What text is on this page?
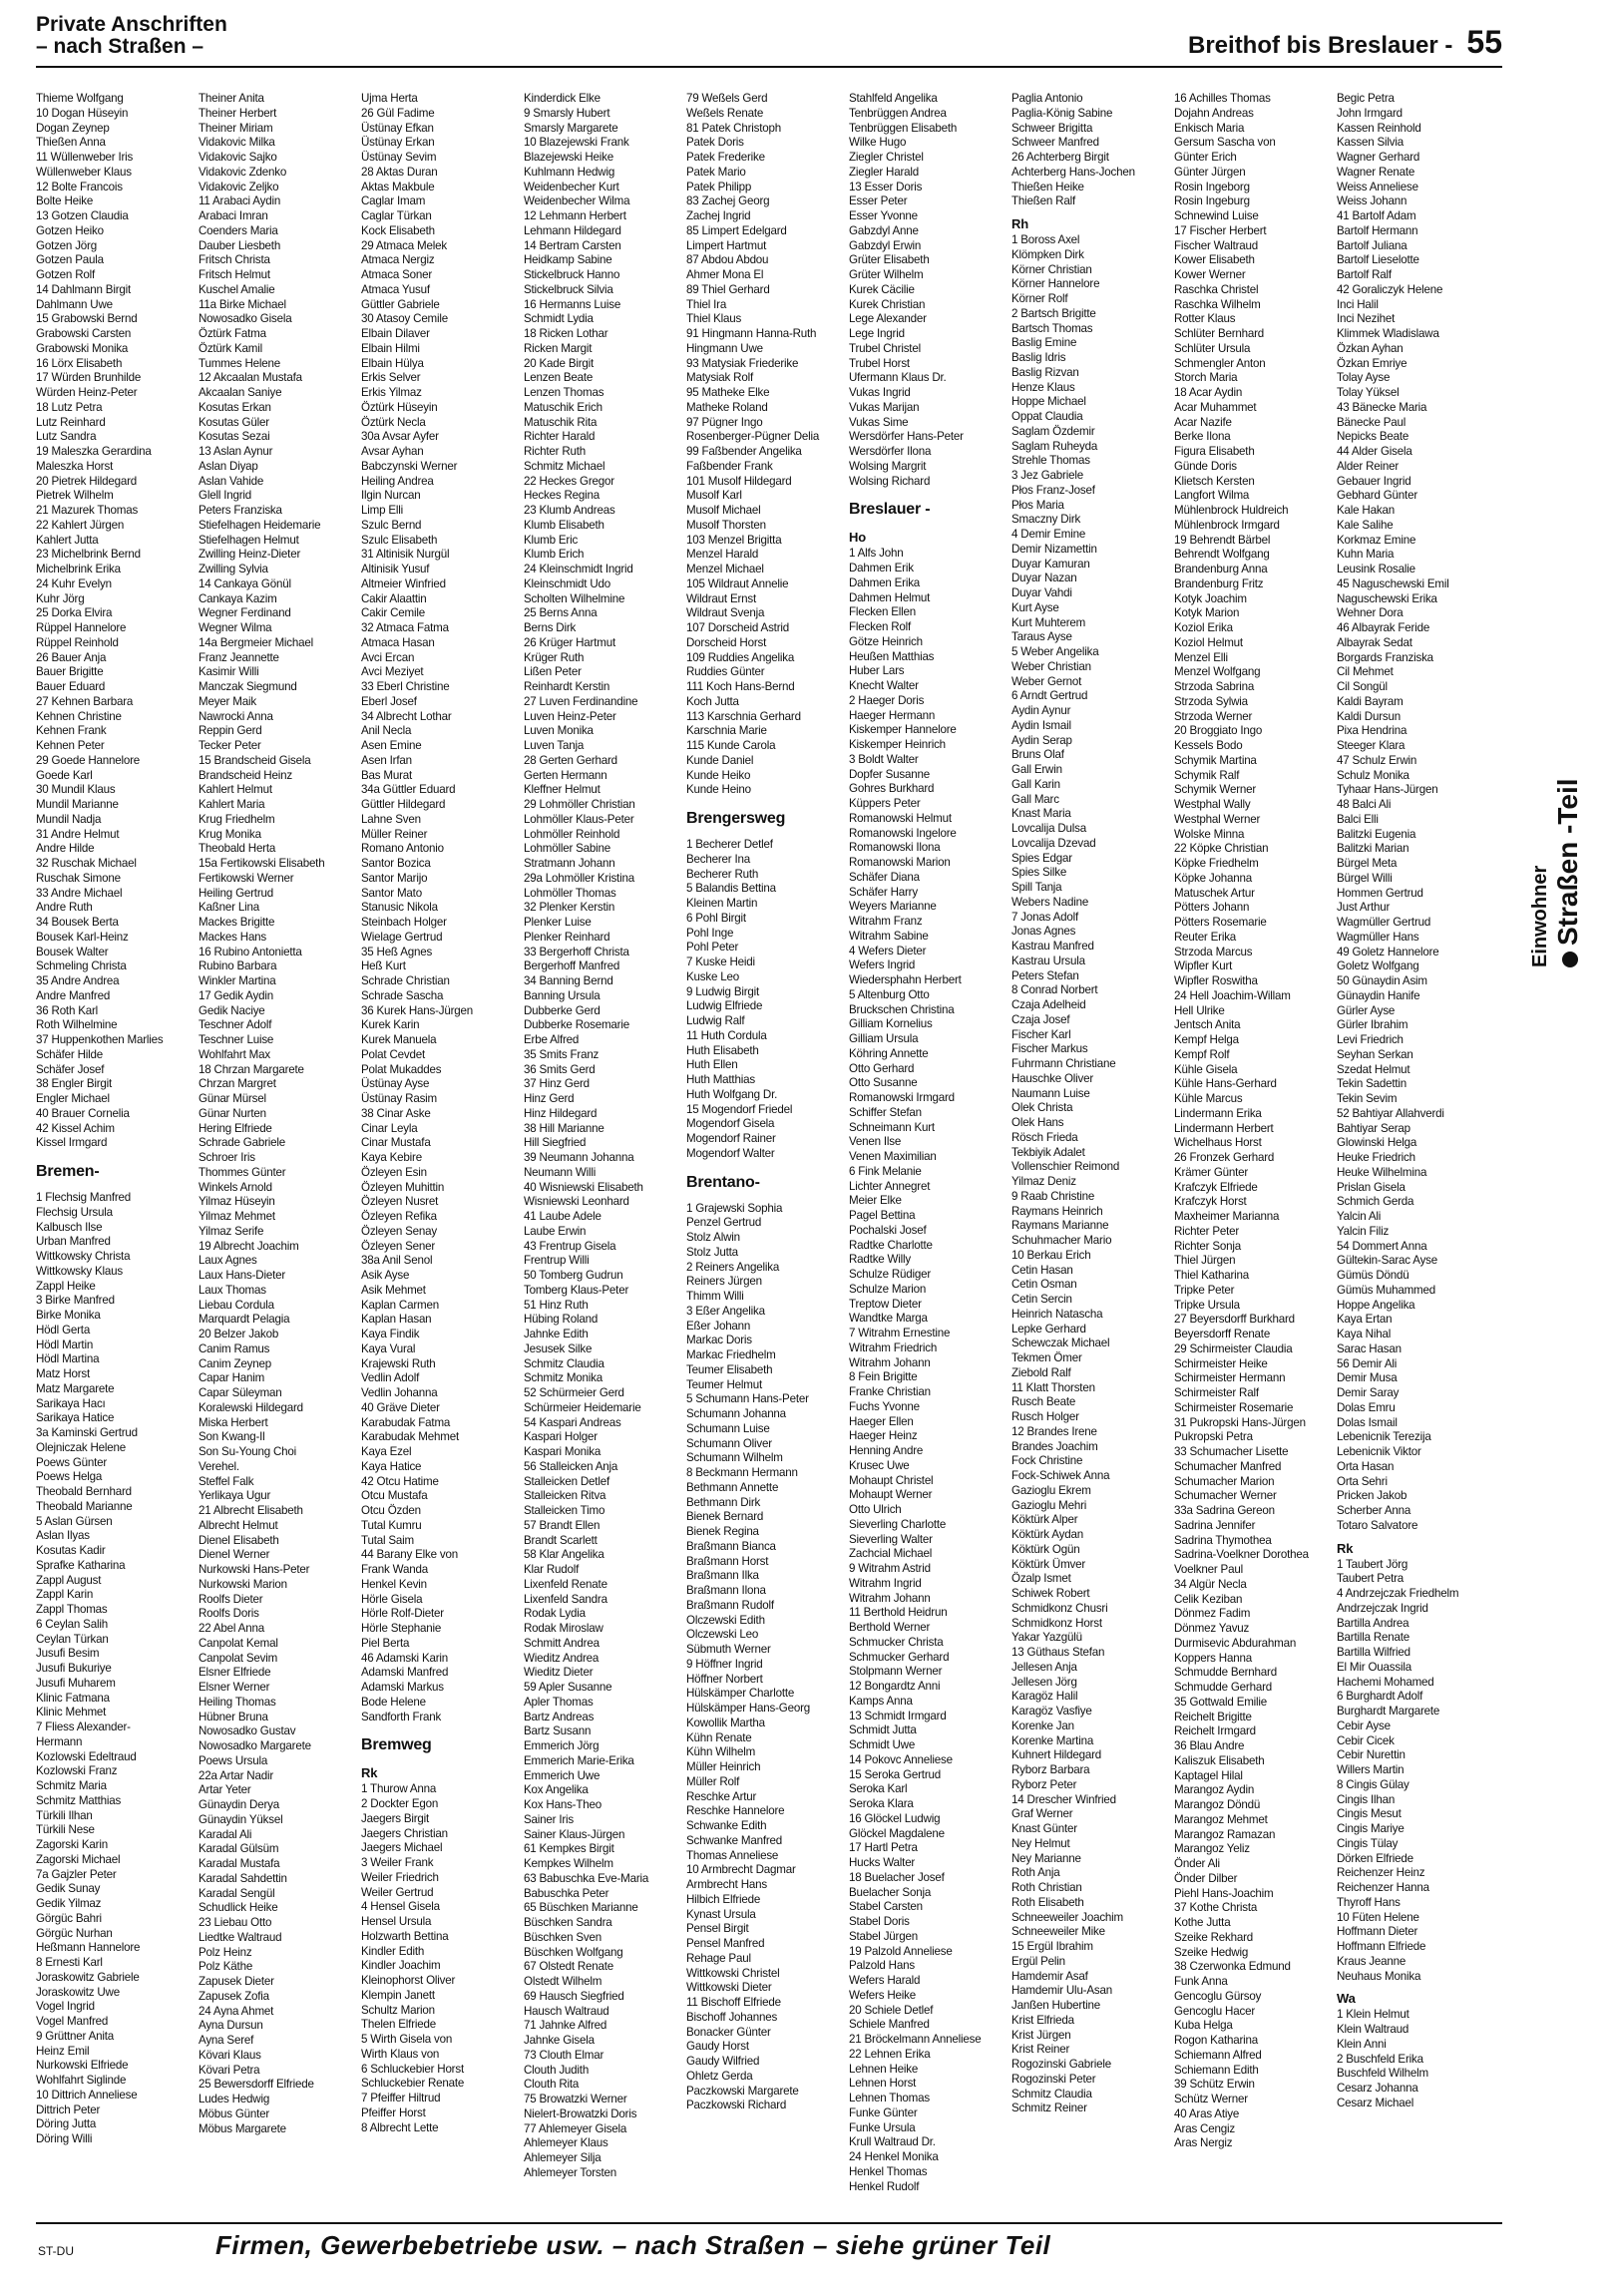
Private Anschriften
– nach Straßen –	Breithof bis Breslauer - 55
Thieme Wolfgang
10 Dogan Hüseyin
Dogan Zeynep
Thießen Anna
11 Wüllenweber Iris
Wüllenweber Klaus
12 Bolte Francois
Bolte Heike
13 Gotzen Claudia
Gotzen Heiko
Gotzen Jörg
Gotzen Paula
Gotzen Rolf
14 Dahlmann Birgit
Dahlmann Uwe
15 Grabowski Bernd
Grabowski Carsten
Grabowski Monika
16 Lörx Elisabeth
17 Würden Brunhilde
Würden Heinz-Peter
18 Lutz Petra
Lutz Reinhard
Lutz Sandra
19 Maleszka Gerardina
Maleszka Horst
20 Pietrek Hildegard
Pietrek Wilhelm
21 Mazurek Thomas
22 Kahlert Jürgen
Kahlert Jutta
23 Michelbrink Bernd
Michelbrink Erika
24 Kuhr Evelyn
Kuhr Jörg
25 Dorka Elvira
Rüppel Hannelore
Rüppel Reinhold
26 Bauer Anja
Bauer Brigitte
Bauer Eduard
27 Kehnen Barbara
Kehnen Christine
Kehnen Frank
Kehnen Peter
29 Goede Hannelore
Goede Karl
30 Mundil Klaus
Mundil Marianne
Mundil Nadja
31 Andre Helmut
Andre Hilde
32 Ruschak Michael
Ruschak Simone
33 Andre Michael
Andre Ruth
34 Bousek Berta
Bousek Karl-Heinz
Bousek Walter
Schmeling Christa
35 Andre Andrea
Andre Manfred
36 Roth Karl
Roth Wilhelmine
37 Huppenkothen Marlies
Schäfer Hilde
Schäfer Josef
38 Engler Birgit
Engler Michael
40 Brauer Cornelia
42 Kissel Achim
Kissel Irmgard
Bremen-
1 Flechsig Manfred
Flechsig Ursula
Kalbusch Ilse
Urban Manfred
Wittkowsky Christa
Wittkowsky Klaus
Zappl Heike
3 Birke Manfred
Birke Monika
Hödl Gerta
Hödl Martin
Hödl Martina
Matz Horst
Matz Margarete
Sarikaya Hacı
Sarikaya Hatice
3a Kaminski Gertrud
Olejniczak Helene
Poews Günter
Poews Helga
Theobald Bernhard
Theobald Marianne
5 Aslan Gürsen
Aslan Ilyas
Kosutas Kadir
Sprafke Katharina
Zappl August
Zappl Karin
Zappl Thomas
6 Ceylan Salih
Ceylan Türkan
Jusufi Besim
Jusufi Bukuriye
Jusufi Muharem
Klinic Fatmana
Klinic Mehmet
7 Fliess Alexander-
Hermann
Kozlowski Edeltraud
Kozlowski Franz
Schmitz Maria
Schmitz Matthias
Türkili Ilhan
Türkili Nese
Zagorski Karin
Zagorski Michael
7a Gajzler Peter
Gedik Sunay
Gedik Yilmaz
Görgüc Bahri
Görgüc Nurhan
Heßmann Hannelore
8 Ernesti Karl
Joraskowitz Gabriele
Joraskowitz Uwe
Vogel Ingrid
Vogel Manfred
9 Grüttner Anita
Heinz Emil
Nurkowski Elfriede
Wohlfahrt Siglinde
10 Dittrich Anneliese
Dittrich Peter
Döring Jutta
Döring Willi
Theiner Anita
Theiner Herbert
Theiner Miriam
Vidakovic Milka
Vidakovic Sajko
Vidakovic Zdenko
Vidakovic Zeljko
11 Arabaci Aydin
Arabaci Imran
Coenders Maria
Dauber Liesbeth
Fritsch Christa
Fritsch Helmut
Kuschel Amalie
11a Birke Michael
Nowosadko Gisela
Öztürk Fatma
Öztürk Kamil
Tummes Helene
12 Akcaalan Mustafa
Akcaalan Saniye
Kosutas Erkan
Kosutas Güler
Kosutas Sezai
13 Aslan Aynur
Aslan Diyap
Aslan Vahide
Glell Ingrid
Peters Franziska
Stiefelhagen Heidemarie
Stiefelhagen Helmut
Zwilling Heinz-Dieter
Zwilling Sylvia
14 Cankaya Gönül
Cankaya Kazim
Wegner Ferdinand
Wegner Wilma
14a Bergmeier Michael
Franz Jeannette
Kasimir Willi
Manczak Siegmund
Meyer Maik
Nawrocki Anna
Reppin Gerd
Tecker Peter
15 Brandscheid Gisela
Brandscheid Heinz
Kahlert Helmut
Kahlert Maria
Krug Friedhelm
Krug Monika
Theobald Herta
15a Fertikowski Elisabeth
Fertikowski Werner
Heiling Gertrud
Kaßner Lina
Mackes Brigitte
Mackes Hans
16 Rubino Antonietta
Rubino Barbara
Winkler Martina
17 Gedik Aydin
Gedik Naciye
Teschner Adolf
Teschner Luise
Wohlfahrt Max
18 Chrzan Margarete
Chrzan Margret
Günar Mürsel
Günar Nurten
Hering Elfriede
Schrade Gabriele
Schroer Iris
Thommes Günter
Winkels Arnold
Yilmaz Hüseyin
Yilmaz Mehmet
Yilmaz Serife
19 Albrecht Joachim
Laux Agnes
Laux Hans-Dieter
Laux Thomas
Liebau Cordula
Marquardt Pelagia
20 Belzer Jakob
Canim Ramus
Canim Zeynep
Capar Hanim
Capar Süleyman
Koralewski Hildegard
Miska Herbert
Son Kwang-Il
Son Su-Young Choi
Verehel.
Steffel Falk
Yerlikaya Ugur
21 Albrecht Elisabeth
Albrecht Helmut
Dienel Elisabeth
Dienel Werner
Nurkowski Hans-Peter
Nurkowski Marion
Roolfs Dieter
Roolfs Doris
22 Abel Anna
Canpolat Kemal
Canpolat Sevim
Elsner Elfriede
Elsner Werner
Heiling Thomas
Hübner Bruna
Nowosadko Gustav
Nowosadko Margarete
Poews Ursula
22a Artar Nadir
Artar Yeter
Günaydin Derya
Günaydin Yüksel
Karadal Ali
Karadal Gülsüm
Karadal Mustafa
Karadal Sahdettin
Karadal Sengül
Schudlick Heike
23 Liebau Otto
Liedtke Waltraud
Polz Heinz
Polz Käthe
Zapusek Dieter
Zapusek Zofia
24 Ayna Ahmet
Ayna Dursun
Ayna Seref
Kövari Klaus
Kövari Petra
25 Bewersdorff Elfriede
Ludes Hedwig
Möbus Günter
Möbus Margarete
Ujma Herta
26 Gül Fadime
Üstünay Efkan
Üstünay Erkan
Üstünay Sevim
28 Aktas Duran
Aktas Makbule
Caglar Imam
Caglar Türkan
Kock Elisabeth
29 Atmaca Melek
Atmaca Nergiz
Atmaca Soner
Atmaca Yusuf
Güttler Gabriele
30 Atasoy Cemile
Elbain Dilaver
Elbain Hilmi
Elbain Hülya
Erkis Selver
Erkis Yilmaz
Öztürk Hüseyin
Öztürk Necla
30a Avsar Ayfer
Avsar Ayhan
Babczynski Werner
Heiling Andrea
Ilgin Nurcan
Limp Elli
Szulc Bernd
Szulc Elisabeth
31 Altinisik Nurgül
Altinisik Yusuf
Altmeier Winfried
Cakir Alaattin
Cakir Cemile
32 Atmaca Fatma
Atmaca Hasan
Avci Ercan
Avci Meziyet
33 Eberl Christine
Eberl Josef
34 Albrecht Lothar
Anil Necla
Asen Emine
Asen Irfan
Bas Murat
34a Güttler Eduard
Güttler Hildegard
Lahne Sven
Müller Reiner
Romano Antonio
Santor Bozica
Santor Marijo
Santor Mato
Stanusic Nikola
Steinbach Holger
Wielage Gertrud
35 Heß Agnes
Heß Kurt
Schrade Christian
Schrade Sascha
36 Kurek Hans-Jürgen
Kurek Karin
Kurek Manuela
Polat Cevdet
Polat Mukaddes
Üstünay Ayse
Üstünay Rasim
38 Cinar Aske
Cinar Leyla
Cinar Mustafa
Kaya Kebire
Özleyen Esin
Özleyen Muhittin
Özleyen Nusret
Özleyen Refika
Özleyen Senay
Özleyen Sener
38a Anil Senol
Asik Ayse
Asik Mehmet
Kaplan Carmen
Kaplan Hasan
Kaya Findik
Kaya Vural
Krajewski Ruth
Vedlin Adolf
Vedlin Johanna
40 Gräve Dieter
Karabudak Fatma
Karabudak Mehmet
Kaya Ezel
Kaya Hatice
42 Otcu Hatime
Otcu Mustafa
Otcu Özden
Tutal Kumru
Tutal Saim
44 Barany Elke von
Frank Wanda
Henkel Kevin
Hörle Gisela
Hörle Rolf-Dieter
Hörle Stephanie
Piel Berta
46 Adamski Karin
Adamski Manfred
Adamski Markus
Bode Helene
Sandforth Frank
Bremweg
Rk
1 Thurow Anna
2 Dockter Egon
Jaegers Birgit
Jaegers Christian
Jaegers Michael
3 Weiler Frank
Weiler Friedrich
Weiler Gertrud
4 Hensel Gisela
Hensel Ursula
Holzwarth Bettina
Kindler Edith
Kindler Joachim
Kleinophorst Oliver
Klempin Janett
Schultz Marion
Thelen Elfriede
5 Wirth Gisela von
Wirth Klaus von
6 Schluckebier Horst
Schluckebier Renate
7 Pfeiffer Hiltrud
Pfeiffer Horst
8 Albrecht Lette
Kinderdick Elke
9 Smarsly Hubert
Smarsly Margarete
10 Blazejewski Frank
Blazejewski Heike
Kuhlmann Hedwig
Weidenbecher Kurt
Weidenbecher Wilma
12 Lehmann Herbert
Lehmann Hildegard
14 Bertram Carsten
Heidkamp Sabine
Stickelbruck Hanno
Stickelbruck Silvia
16 Hermanns Luise
Schmidt Lydia
18 Ricken Lothar
Ricken Margit
20 Kade Birgit
Lenzen Beate
Lenzen Thomas
Matuschik Erich
Matuschik Rita
Richter Harald
Richter Ruth
Schmitz Michael
22 Heckes Gregor
Heckes Regina
23 Klumb Andreas
Klumb Elisabeth
Klumb Eric
Klumb Erich
24 Kleinschmidt Ingrid
Kleinschmidt Udo
Scholten Wilhelmine
25 Berns Anna
Berns Dirk
26 Krüger Hartmut
Krüger Ruth
Lißen Peter
Reinhardt Kerstin
27 Luven Ferdinandine
Luven Heinz-Peter
Luven Monika
Luven Tanja
28 Gerten Gerhard
Gerten Hermann
Kleffner Helmut
29 Lohmöller Christian
Lohmöller Klaus-Peter
Lohmöller Reinhold
Lohmöller Sabine
Stratmann Johann
29a Lohmöller Kristina
Lohmöller Thomas
32 Plenker Kerstin
Plenker Luise
Plenker Reinhard
33 Bergerhoff Christa
Bergerhoff Manfred
34 Banning Bernd
Banning Ursula
Dubberke Gerd
Dubberke Rosemarie
Erbe Alfred
35 Smits Franz
36 Smits Gerd
37 Hinz Gerd
Hinz Gerd
Hinz Hildegard
38 Hill Marianne
Hill Siegfried
39 Neumann Johanna
Neumann Willi
40 Wisniewski Elisabeth
Wisniewski Leonhard
41 Laube Adele
Laube Erwin
43 Frentrup Gisela
Frentrup Willi
50 Tomberg Gudrun
Tomberg Klaus-Peter
51 Hinz Ruth
Hübing Roland
Jahnke Edith
Jesusek Silke
Schmitz Claudia
Schmitz Monika
52 Schürmeier Gerd
Schürmeier Heidemarie
54 Kaspari Andreas
Kaspari Holger
Kaspari Monika
56 Stalleicken Anja
Stalleicken Detlef
Stalleicken Ritva
Stalleicken Timo
57 Brandt Ellen
Brandt Scarlett
58 Klar Angelika
Klar Rudolf
Lixenfeld Renate
Lixenfeld Sandra
Rodak Lydia
Rodak Miroslaw
Schmitt Andrea
Wieditz Andrea
Wieditz Dieter
59 Apler Susanne
Apler Thomas
Bartz Andreas
Bartz Susann
Emmerich Jörg
Emmerich Marie-Erika
Emmerich Uwe
Kox Angelika
Kox Hans-Theo
Sainer Iris
Sainer Klaus-Jürgen
61 Kempkes Birgit
Kempkes Wilhelm
63 Babuschka Eve-Maria
Babuschka Peter
65 Büschken Marianne
Büschken Sandra
Büschken Sven
Büschken Wolfgang
67 Olstedt Renate
Olstedt Wilhelm
69 Hausch Siegfried
Hausch Waltraud
71 Jahnke Alfred
Jahnke Gisela
73 Clouth Elmar
Clouth Judith
Clouth Rita
75 Browatzki Werner
Nielert-Browatzki Doris
77 Ahlemeyer Gisela
Ahlemeyer Klaus
Ahlemeyer Silja
Ahlemeyer Torsten
79 Weßels Gerd
Weßels Renate
81 Patek Christoph
Patek Doris
Patek Frederike
Patek Mario
Patek Philipp
83 Zachej Georg
Zachej Ingrid
85 Limpert Edelgard
Limpert Hartmut
87 Abdou Abdou
Ahmer Mona El
89 Thiel Gerhard
Thiel Ira
Thiel Klaus
91 Hingmann Hanna-Ruth
Hingmann Uwe
93 Matysiak Friederike
Matysiak Rolf
95 Matheke Elke
Matheke Roland
97 Pügner Ingo
Rosenberger-Pügner Delia
99 Faßbender Angelika
Faßbender Frank
101 Musolf Hildegard
Musolf Karl
Musolf Michael
Musolf Thorsten
103 Menzel Brigitta
Menzel Harald
Menzel Michael
105 Wildraut Annelie
Wildraut Ernst
Wildraut Svenja
107 Dorscheid Astrid
Dorscheid Horst
109 Ruddies Angelika
Ruddies Günter
111 Koch Hans-Bernd
Koch Jutta
113 Karschnia Gerhard
Karschnia Marie
115 Kunde Carola
Kunde Daniel
Kunde Heiko
Kunde Heino
Brengersweg
1 Becherer Detlef
Becherer Ina
Becherer Ruth
5 Balandis Bettina
Kleinen Martin
6 Pohl Birgit
Pohl Inge
Pohl Peter
7 Kuske Heidi
Kuske Leo
9 Ludwig Birgit
Ludwig Elfriede
Ludwig Ralf
11 Huth Cordula
Huth Elisabeth
Huth Ellen
Huth Matthias
Huth Wolfgang Dr.
15 Mogendorf Friedel
Mogendorf Gisela
Mogendorf Rainer
Mogendorf Walter
Brentano-
1 Grajewski Sophia
Penzel Gertrud
Stolz Alwin
Stolz Jutta
2 Reiners Angelika
Reiners Jürgen
Thimm Willi
3 Eßer Angelika
Eßer Johann
Markac Doris
Markac Friedhelm
Teumer Elisabeth
Teumer Helmut
5 Schumann Hans-Peter
Schumann Johanna
Schumann Luise
Schumann Oliver
Schumann Wilhelm
8 Beckmann Hermann
Bethmann Annette
Bethmann Dirk
Bienek Bernard
Bienek Regina
Braßmann Bianca
Braßmann Horst
Braßmann Ilka
Braßmann Ilona
Braßmann Rudolf
Olczewski Edith
Olczewski Leo
Sübmuth Werner
9 Höffner Ingrid
Höffner Norbert
Hülskämper Charlotte
Hülskämper Hans-Georg
Kowollik Martha
Kühn Renate
Kühn Wilhelm
Müller Heinrich
Müller Rolf
Reschke Artur
Reschke Hannelore
Schwanke Edith
Schwanke Manfred
Thomas Anneliese
10 Armbrecht Dagmar
Armbrecht Hans
Hilbich Elfriede
Kynast Ursula
Pensel Birgit
Pensel Manfred
Rehage Paul
Wittkowski Christel
Wittkowski Dieter
11 Bischoff Elfriede
Bischoff Johannes
Bonacker Günter
Gaudy Horst
Gaudy Wilfried
Ohletz Gerda
Paczkowski Margarete
Paczkowski Richard
Stahlfeld Angelika
Tenbrüggen Andrea
Tenbrüggen Elisabeth
Wilke Hugo
Ziegler Christel
Ziegler Harald
13 Esser Doris
Esser Peter
Esser Yvonne
Gabzdyl Anne
Gabzdyl Erwin
Grüter Elisabeth
Grüter Wilhelm
Kurek Cäcilie
Kurek Christian
Lege Alexander
Lege Ingrid
Trubel Christel
Trubel Horst
Ufermann Klaus Dr.
Vukas Ingrid
Vukas Marijan
Vukas Sime
Wersdörfer Hans-Peter
Wersdörfer Ilona
Wolsing Margrit
Wolsing Richard
Breslauer -
Ho
1 Alfs John
Dahmen Erik
Dahmen Erika
Dahmen Helmut
Flecken Ellen
Flecken Rolf
Götze Heinrich
Heußen Matthias
Huber Lars
Knecht Walter
2 Haeger Doris
Haeger Hermann
Kiskemper Hannelore
Kiskemper Heinrich
3 Boldt Walter
Dopfer Susanne
Gohres Burkhard
Küppers Peter
Romanowski Helmut
Romanowski Ingelore
Romanowski Ilona
Romanowski Marion
Schäfer Diana
Schäfer Harry
Weyers Marianne
Witrahm Franz
Witrahm Sabine
4 Wefers Dieter
Wefers Ingrid
Wiedersphahn Herbert
5 Altenburg Otto
Bruckschen Christina
Gilliam Kornelius
Gilliam Ursula
Köhring Annette
Otto Gerhard
Otto Susanne
Romanowski Irmgard
Schiffer Stefan
Schneimann Kurt
Venen Ilse
Venen Maximilian
6 Fink Melanie
Lichter Annegret
Meier Elke
Pagel Bettina
Pochalski Josef
Radtke Charlotte
Radtke Willy
Schulze Rüdiger
Schulze Marion
Treptow Dieter
Wandtke Marga
7 Witrahm Ernestine
Witrahm Friedrich
Witrahm Johann
8 Fein Brigitte
Franke Christian
Fuchs Yvonne
Haeger Ellen
Haeger Heinz
Henning Andre
Krusec Uwe
Mohaupt Christel
Mohaupt Werner
Otto Ulrich
Sieverling Charlotte
Sieverling Walter
Zachcial Michael
9 Witrahm Astrid
Witrahm Ingrid
Witrahm Johann
11 Berthold Heidrun
Berthold Werner
Schmucker Christa
Schmucker Gerhard
Stolpmann Werner
12 Bongardtz Anni
Kamps Anna
13 Schmidt Irmgard
Schmidt Jutta
Schmidt Uwe
14 Pokovc Anneliese
15 Seroka Gertrud
Seroka Karl
Seroka Klara
16 Glöckel Ludwig
Glöckel Magdalene
17 Hartl Petra
Hucks Walter
18 Buelacher Josef
Buelacher Sonja
Stabel Carsten
Stabel Doris
Stabel Jürgen
19 Palzold Anneliese
Palzold Hans
Wefers Harald
Wefers Heike
20 Schiele Detlef
Schiele Manfred
21 Bröckelmann Anneliese
22 Lehnen Erika
Lehnen Heike
Lehnen Horst
Lehnen Thomas
Funke Günter
Funke Ursula
Krull Waltraud Dr.
24 Henkel Monika
Henkel Thomas
Henkel Rudolf
Paglia Antonio
Paglia-König Sabine
Schweer Brigitta
Schweer Manfred
26 Achterberg Birgit
Achterberg Hans-Jochen
Thießen Heike
Thießen Ralf
Rh
1 Boross Axel
Klömpken Dirk
Körner Christian
Körner Hannelore
Körner Rolf
2 Bartsch Brigitte
Bartsch Thomas
Baslig Emine
Baslig Idris
Baslig Rizvan
Henze Klaus
Hoppe Michael
Oppat Claudia
Saglam Özdemir
Saglam Ruheyda
Strehle Thomas
3 Jez Gabriele
Płos Franz-Josef
Płos Maria
Smaczny Dirk
4 Demir Emine
Demir Nizamettin
Duyar Kamuran
Duyar Nazan
Duyar Vahdi
Kurt Ayse
Kurt Muhterem
Taraus Ayse
5 Weber Angelika
Weber Christian
Weber Gernot
6 Arndt Gertrud
Aydin Aynur
Aydin Ismail
Aydin Serap
Bruns Olaf
Gall Erwin
Gall Karin
Gall Marc
Knast Maria
Lovcalija Dulsa
Lovcalija Dzevad
Spies Edgar
Spies Silke
Spill Tanja
Webers Nadine
7 Jonas Adolf
Jonas Agnes
Kastrau Manfred
Kastrau Ursula
Peters Stefan
8 Conrad Norbert
Czaja Adelheid
Czaja Josef
Fischer Karl
Fischer Markus
Fuhrmann Christiane
Hauschke Oliver
Naumann Luise
Olek Christa
Olek Hans
Rösch Frieda
Tekbiyik Adalet
Vollenschier Reimond
Yilmaz Deniz
9 Raab Christine
Raymans Heinrich
Raymans Marianne
Schuhmacher Mario
10 Berkau Erich
Cetin Hasan
Cetin Osman
Cetin Sercin
Heinrich Natascha
Lepke Gerhard
Schewczak Michael
Tekmen Ömer
Ziebold Ralf
11 Klatt Thorsten
Rusch Beate
Rusch Holger
12 Brandes Irene
Brandes Joachim
Fock Christine
Fock-Schiwek Anna
Gazioglu Ekrem
Gazioglu Mehri
Köktürk Alper
Köktürk Aydan
Köktürk Ogün
Köktürk Ümver
Özalp Ismet
Schiwek Robert
Schmidkonz Chusri
Schmidkonz Horst
Yakar Yazgülü
13 Güthaus Stefan
Jellesen Anja
Jellesen Jörg
Karagöz Halil
Karagöz Vasfiye
Korenke Jan
Korenke Martina
Kuhnert Hildegard
Ryborz Barbara
Ryborz Peter
14 Drescher Winfried
Graf Werner
Knast Günter
Ney Helmut
Ney Marianne
Roth Anja
Roth Christian
Roth Elisabeth
Schneeweiler Joachim
Schneeweiler Mike
15 Ergül Ibrahim
Ergül Pelin
Hamdemir Asaf
Hamdemir Ulu-Asan
Janßen Hubertine
Krist Elfrieda
Krist Jürgen
Krist Reiner
Rogozinski Gabriele
Rogozinski Peter
Schmitz Claudia
Schmitz Reiner
16 Achilles Thomas
Dojahn Andreas
Enkisch Maria
Gersum Sascha von
Günter Erich
Günter Jürgen
Rosin Ingeborg
Rosin Ingeburg
Schnewind Luise
17 Fischer Herbert
Fischer Waltraud
Kower Elisabeth
Kower Werner
Raschka Christel
Raschka Wilhelm
Rotter Klaus
Schlüter Bernhard
Schlüter Ursula
Schmengler Anton
Storch Maria
18 Acar Aydin
Acar Muhammet
Acar Nazife
Berke Ilona
Figura Elisabeth
Günde Doris
Klietsch Kersten
Langfort Wilma
Mühlenbrock Huldreich
Mühlenbrock Irmgard
19 Behrendt Bärbel
Behrendt Wolfgang
Brandenburg Anna
Brandenburg Fritz
Kotyk Joachim
Kotyk Marion
Koziol Erika
Koziol Helmut
Menzel Elli
Menzel Wolfgang
Strzoda Sabrina
Strzoda Sylwia
Strzoda Werner
20 Broggiato Ingo
Kessels Bodo
Schymik Martina
Schymik Ralf
Schymik Werner
Westphal Wally
Westphal Werner
Wolske Minna
22 Köpke Christian
Köpke Friedhelm
Köpke Johanna
Matuschek Artur
Pötters Johann
Pötters Rosemarie
Reuter Erika
Strzoda Marcus
Wipfler Kurt
Wipfler Roswitha
24 Hell Joachim-Willam
Hell Ulrike
Jentsch Anita
Kempf Helga
Kempf Rolf
Kühle Gisela
Kühle Hans-Gerhard
Kühle Marcus
Lindermann Erika
Lindermann Herbert
Wichelhaus Horst
26 Fronzek Gerhard
Krämer Günter
Krafczyk Elfriede
Krafczyk Horst
Maxheimer Marianna
Richter Peter
Richter Sonja
Thiel Jürgen
Thiel Katharina
Tripke Peter
Tripke Ursula
27 Beyersdorff Burkhard
Beyersdorff Renate
29 Schirmeister Claudia
Schirmeister Heike
Schirmeister Hermann
Schirmeister Ralf
Schirmeister Rosemarie
31 Pukropski Hans-Jürgen
Pukropski Petra
33 Schumacher Lisette
Schumacher Manfred
Schumacher Marion
Schumacher Werner
33a Sadrina Gereon
Sadrina Jennifer
Sadrina Thymothea
Sadrina-Voelkner Dorothea
Voelkner Paul
34 Algür Necla
Celik Keziban
Dönmez Fadim
Dönmez Yavuz
Durmisevic Abdurahman
Koppers Hanna
Schmudde Bernhard
Schmudde Gerhard
35 Gottwald Emilie
Reichelt Brigitte
Reichelt Irmgard
36 Blau Andre
Kaliszuk Elisabeth
Kaptagel Hilal
Marangoz Aydin
Marangoz Döndü
Marangoz Mehmet
Marangoz Ramazan
Marangoz Yeliz
Önder Ali
Önder Dilber
Piehl Hans-Joachim
37 Kothe Christa
Kothe Jutta
Szeike Rekhard
Szeike Hedwig
38 Czerwonka Edmund
Funk Anna
Gencoglu Gürsoy
Gencoglu Hacer
Kuba Helga
Rogon Katharina
Schiemann Alfred
Schiemann Edith
39 Schütz Erwin
Schütz Werner
40 Aras Atiye
Aras Cengiz
Aras Nergiz
Begic Petra
John Irmgard
Kassen Reinhold
Kassen Silvia
Wagner Gerhard
Wagner Renate
Weiss Anneliese
Weiss Johann
41 Bartolf Adam
Bartolf Hermann
Bartolf Juliana
Bartolf Lieselotte
Bartolf Ralf
42 Goraliczyk Helene
Inci Halil
Inci Nezihet
Klimmek Wladislawa
Özkan Ayhan
Özkan Emriye
Tolay Ayse
Tolay Yüksel
43 Bänecke Maria
Bänecke Paul
Nepicks Beate
44 Alder Gisela
Alder Reiner
Gebauer Ingrid
Gebhard Günter
Kale Hakan
Kale Salihe
Korkmaz Emine
Kuhn Maria
Leusink Rosalie
45 Naguschewski Emil
Naguschewski Erika
Wehner Dora
46 Albayrak Feride
Albayrak Sedat
Borgards Franziska
Cil Mehmet
Cil Songül
Kaldi Bayram
Kaldi Dursun
Pixa Hendrina
Steeger Klara
47 Schulz Erwin
Schulz Monika
Tyhaar Hans-Jürgen
48 Balci Ali
Balci Elli
Balitzki Eugenia
Balitzki Marian
Bürgel Meta
Bürgel Willi
Hommen Gertrud
Just Arthur
Wagmüller Gertrud
Wagmüller Hans
49 Goletz Hannelore
Goletz Wolfgang
50 Günaydin Asim
Günaydin Hanife
Gürler Ayse
Gürler Ibrahim
Levi Friedrich
Seyhan Serkan
Szedat Helmut
Tekin Sadettin
Tekin Sevim
52 Bahtiyar Allahverdi
Bahtiyar Serap
Glowinski Helga
Heuke Friedrich
Heuke Wilhelmina
Prislan Gisela
Schmich Gerda
Yalcin Ali
Yalcin Filiz
54 Dommert Anna
Gültekin-Sarac Ayse
Gümüs Döndü
Gümüs Muhammed
Hoppe Angelika
Kaya Ertan
Kaya Nihal
Sarac Hasan
56 Demir Ali
Demir Musa
Demir Saray
Dolas Emru
Dolas Ismail
Lebenicnik Terezija
Lebenicnik Viktor
Orta Hasan
Orta Sehri
Pricken Jakob
Scherber Anna
Totaro Salvatore
Rk
1 Taubert Jörg
Taubert Petra
4 Andrzejczak Friedhelm
Andrzejczak Ingrid
Bartilla Andrea
Bartilla Renate
Bartilla Wilfried
El Mir Ouassila
Hachemi Mohamed
6 Burghardt Adolf
Burghardt Margarete
Cebir Ayse
Cebir Cicek
Cebir Nurettin
Willers Martin
8 Cingis Gülay
Cingis Ilhan
Cingis Mesut
Cingis Mariye
Cingis Tülay
Dörken Elfriede
Reichenzer Heinz
Reichenzer Hanna
Thyroff Hans
10 Füten Helene
Hoffmann Dieter
Hoffmann Elfriede
Kraus Jeanne
Neuhaus Monika
Wa
1 Klein Helmut
Klein Waltraud
Klein Anni
2 Buschfeld Erika
Buschfeld Wilhelm
Cesarz Johanna
Cesarz Michael
Einwohner Straßen -Teil
ST-DU	Firmen, Gewerbebetriebe usw. – nach Straßen – siehe grüner Teil
